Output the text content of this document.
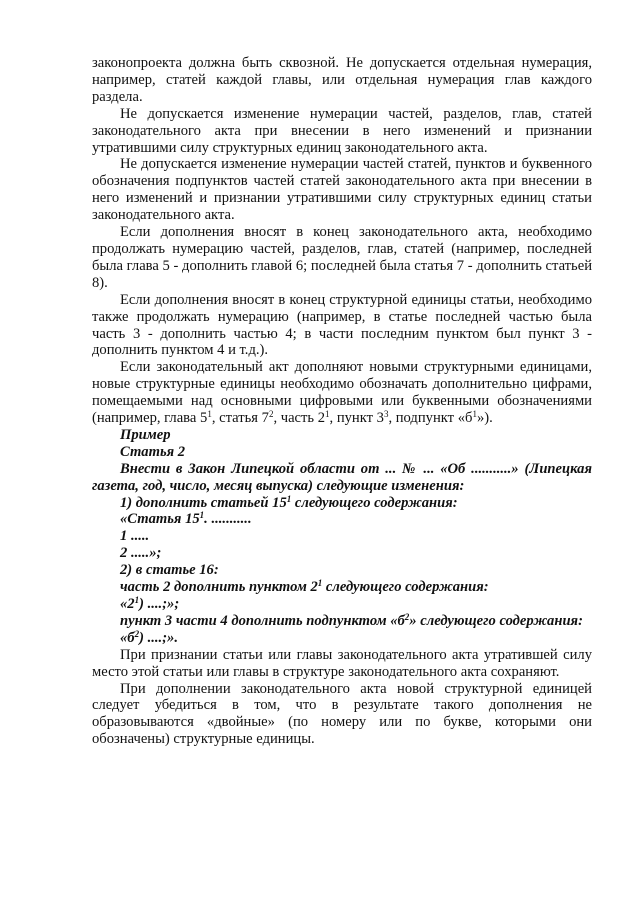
законопроекта должна быть сквозной. Не допускается отдельная нумерация, например, статей каждой главы, или отдельная нумерация глав каждого раздела.

Не допускается изменение нумерации частей, разделов, глав, статей законодательного акта при внесении в него изменений и признании утратившими силу структурных единиц законодательного акта.

Не допускается изменение нумерации частей статей, пунктов и буквенного обозначения подпунктов частей статей законодательного акта при внесении в него изменений и признании утратившими силу структурных единиц статьи законодательного акта.

Если дополнения вносят в конец законодательного акта, необходимо продолжать нумерацию частей, разделов, глав, статей (например, последней была глава 5 - дополнить главой 6; последней была статья 7 - дополнить статьей 8).

Если дополнения вносят в конец структурной единицы статьи, необходимо также продолжать нумерацию (например, в статье последней частью была часть 3 - дополнить частью 4; в части последним пунктом был пункт 3 - дополнить пунктом 4 и т.д.).

Если законодательный акт дополняют новыми структурными единицами, новые структурные единицы необходимо обозначать дополнительно цифрами, помещаемыми над основными цифровыми или буквенными обозначениями (например, глава $5^1$, статья $7^2$, часть $2^1$, пункт $3^3$, подпункт «$б^1$»).

Пример

Статья 2

Внести в Закон Липецкой области от ... № ... «Об ...........» (Липецкая газета, год, число, месяц выпуска) следующие изменения:

1) дополнить статьей $15^1$ следующего содержания:

«Статья $15^1$. ...........

1 .....

2 .....»;

2) в статье 16:

часть 2 дополнить пунктом $2^1$ следующего содержания:

«$2^1$) ....;»;

пункт 3 части 4 дополнить подпунктом «$б^2$» следующего содержания:

«$б^2$) ....;».

При признании статьи или главы законодательного акта утратившей силу место этой статьи или главы в структуре законодательного акта сохраняют.

При дополнении законодательного акта новой структурной единицей следует убедиться в том, что в результате такого дополнения не образовываются «двойные» (по номеру или по букве, которыми они обозначены) структурные единицы.
